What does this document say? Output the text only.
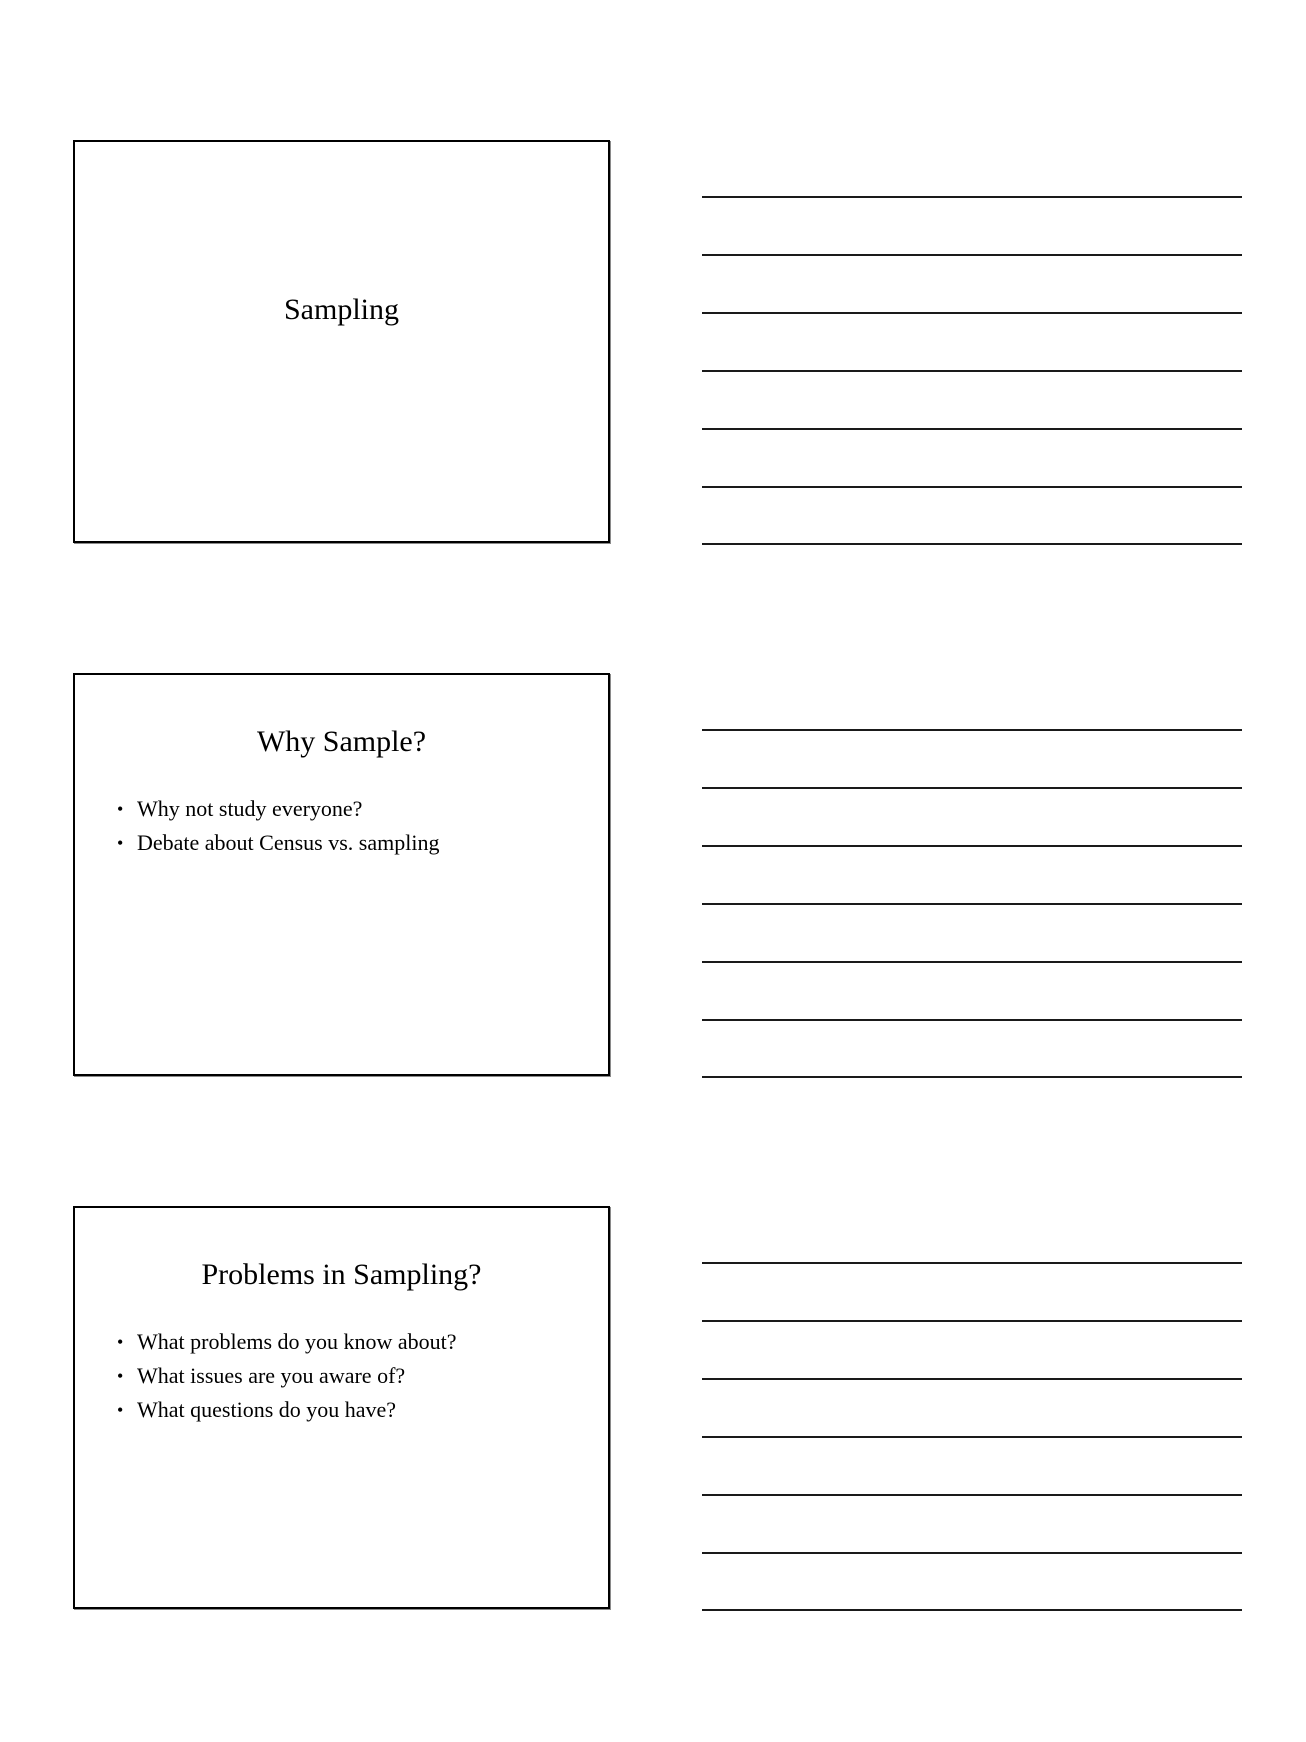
Sampling
Why Sample?
• Why not study everyone?
• Debate about Census vs. sampling
Problems in Sampling?
• What problems do you know about?
• What issues are you aware of?
• What questions do you have?
